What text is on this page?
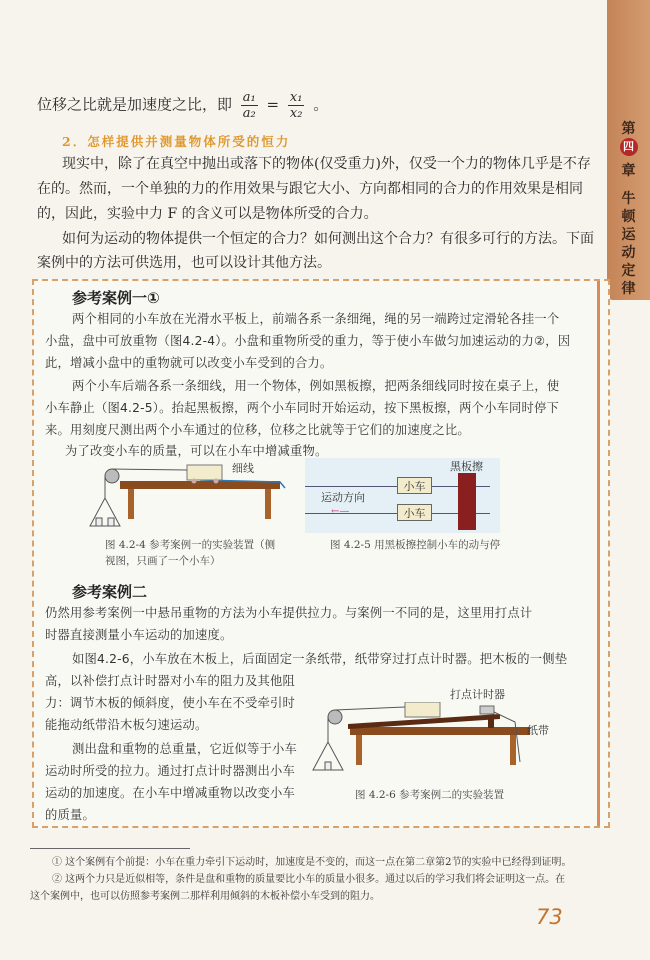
位移之比就是加速度之比，即 $\frac{\text{a₁}}{\text{a₂}} = \frac{\text{x₁}}{\text{x₂}}$ 。
第
四
章
牛
顿
运
动
定
律
2．怎样提供并测量物体所受的恒力
现实中，除了在真空中抛出或落下的物体(仅受重力)外，仅受一个力的物体几乎是不存
在的。然而，一个单独的力的作用效果与跟它大小、方向都相同的合力的作用效果是相同
的，因此，实验中力 F 的含义可以是物体所受的合力。
如何为运动的物体提供一个恒定的合力？如何测出这个合力？有很多可行的方法。下面
案例中的方法可供选用，也可以设计其他方法。
参考案例一①
两个相同的小车放在光滑水平板上，前端各系一条细绳，绳的另一端跨过定滑轮各挂一个
小盘，盘中可放重物（图4.2-4）。小盘和重物所受的重力，等于使小车做匀加速运动的力②，因
此，增减小盘中的重物就可以改变小车受到的合力。
两个小车后端各系一条细线，用一个物体，例如黑板擦，把两条细线同时按在桌子上，使
小车静止（图4.2-5）。抬起黑板擦，两个小车同时开始运动，按下黑板擦，两个小车同时停下
来。用刻度尺测出两个小车通过的位移，位移之比就等于它们的加速度之比。
为了改变小车的质量，可以在小车中增减重物。
细线
图 4.2-4 参考案例一的实验装置（侧
视图，只画了一个小车）
小车
小车
黑板擦
运动方向
←—
图 4.2-5 用黑板擦控制小车的动与停
参考案例二
仍然用参考案例一中悬吊重物的方法为小车提供拉力。与案例一不同的是，这里用打点计
时器直接测量小车运动的加速度。
如图4.2-6，小车放在木板上，后面固定一条纸带，纸带穿过打点计时器。把木板的一侧垫
高，以补偿打点计时器对小车的阻力及其他阻
力：调节木板的倾斜度，使小车在不受牵引时
能拖动纸带沿木板匀速运动。
测出盘和重物的总重量，它近似等于小车
运动时所受的拉力。通过打点计时器测出小车
运动的加速度。在小车中增减重物以改变小车
的质量。
打点计时器
纸带
图 4.2-6 参考案例二的实验装置
① 这个案例有个前提：小车在重力牵引下运动时，加速度是不变的，而这一点在第二章第2节的实验中已经得到证明。
② 这两个力只是近似相等，条件是盘和重物的质量要比小车的质量小很多。通过以后的学习我们将会证明这一点。在
这个案例中，也可以仿照参考案例二那样利用倾斜的木板补偿小车受到的阻力。
73
